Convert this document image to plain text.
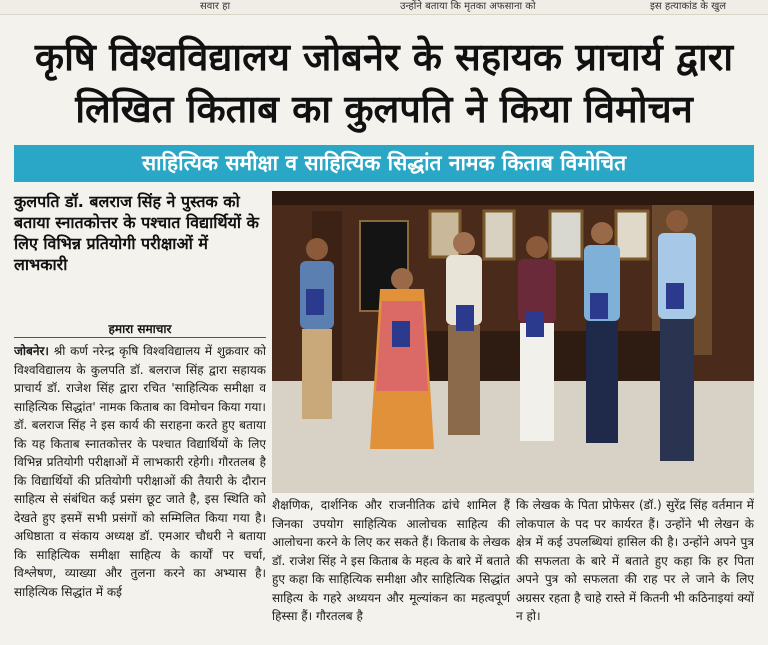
सवार हा	उन्होंने बताया कि मृतका अफसाना को	इस हत्याकांड के खुल
कृषि विश्वविद्यालय जोबनेर के सहायक प्राचार्य द्वारा
लिखित किताब का कुलपति ने किया विमोचन
साहित्यिक समीक्षा व साहित्यिक सिद्धांत नामक किताब विमोचित
कुलपति डॉ. बलराज सिंह ने पुस्तक को बताया स्नातकोत्तर के पश्चात विद्यार्थियों के लिए विभिन्न प्रतियोगी परीक्षाओं में लाभकारी
हमारा समाचार
जोबनेर। श्री कर्ण नरेन्द्र कृषि विश्वविद्यालय में शुक्रवार को विश्वविद्यालय के कुलपति डॉ. बलराज सिंह द्वारा सहायक प्राचार्य डॉ. राजेश सिंह द्वारा रचित 'साहित्यिक समीक्षा व साहित्यिक सिद्धांत' नामक किताब का विमोचन किया गया। डॉ. बलराज सिंह ने इस कार्य की सराहना करते हुए बताया कि यह किताब स्नातकोत्तर के पश्चात विद्यार्थियों के लिए विभिन्न प्रतियोगी परीक्षाओं में लाभकारी रहेगी। गौरतलब है कि विद्यार्थियों की प्रतियोगी परीक्षाओं की तैयारी के दौरान साहित्य से संबंधित कई प्रसंग छूट जाते है, इस स्थिति को देखते हुए इसमें सभी प्रसंगों को सम्मिलित किया गया है। अधिष्ठाता व संकाय अध्यक्ष डॉ. एमआर चौधरी ने बताया कि साहित्यिक समीक्षा साहित्य के कार्यों पर चर्चा, विश्लेषण, व्याख्या और तुलना करने का अभ्यास है। साहित्यिक सिद्धांत में कई
शैक्षणिक, दार्शनिक और राजनीतिक ढांचे शामिल हैं जिनका उपयोग साहित्यिक आलोचक साहित्य की आलोचना करने के लिए कर सकते हैं। किताब के लेखक डॉ. राजेश सिंह ने इस किताब के महत्व के बारे में बताते हुए कहा कि साहित्यिक समीक्षा और साहित्यिक सिद्धांत साहित्य के गहरे अध्ययन और मूल्यांकन का महत्वपूर्ण हिस्सा हैं। गौरतलब है
कि लेखक के पिता प्रोफेसर (डॉ.) सुरेंद्र सिंह वर्तमान में लोकपाल के पद पर कार्यरत हैं। उन्होंने भी लेखन के क्षेत्र में कई उपलब्धियां हासिल की है। उन्होंने अपने पुत्र की सफलता के बारे में बताते हुए कहा कि हर पिता अपने पुत्र को सफलता की राह पर ले जाने के लिए अग्रसर रहता है चाहे रास्ते में कितनी भी कठिनाइयां क्यों न हो।
